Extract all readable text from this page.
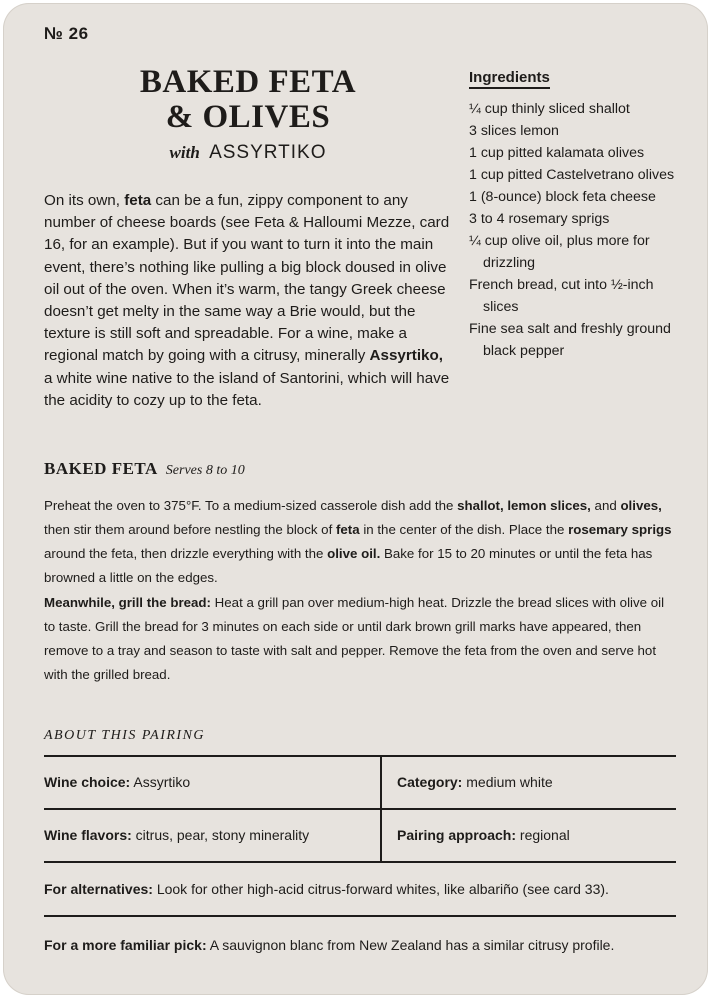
№ 26
BAKED FETA
& OLIVES
with ASSYRTIKO
On its own, feta can be a fun, zippy component to any number of cheese boards (see Feta & Halloumi Mezze, card 16, for an example). But if you want to turn it into the main event, there’s nothing like pulling a big block doused in olive oil out of the oven. When it’s warm, the tangy Greek cheese doesn’t get melty in the same way a Brie would, but the texture is still soft and spreadable. For a wine, make a regional match by going with a citrusy, minerally Assyrtiko, a white wine native to the island of Santorini, which will have the acidity to cozy up to the feta.
Ingredients
¼ cup thinly sliced shallot
3 slices lemon
1 cup pitted kalamata olives
1 cup pitted Castelvetrano olives
1 (8-ounce) block feta cheese
3 to 4 rosemary sprigs
¼ cup olive oil, plus more for drizzling
French bread, cut into ½-inch slices
Fine sea salt and freshly ground black pepper
BAKED FETA Serves 8 to 10
Preheat the oven to 375°F. To a medium-sized casserole dish add the shallot, lemon slices, and olives, then stir them around before nestling the block of feta in the center of the dish. Place the rosemary sprigs around the feta, then drizzle everything with the olive oil. Bake for 15 to 20 minutes or until the feta has browned a little on the edges.
Meanwhile, grill the bread: Heat a grill pan over medium-high heat. Drizzle the bread slices with olive oil to taste. Grill the bread for 3 minutes on each side or until dark brown grill marks have appeared, then remove to a tray and season to taste with salt and pepper. Remove the feta from the oven and serve hot with the grilled bread.
ABOUT THIS PAIRING
Wine choice: Assyrtiko	Category: medium white
Wine flavors: citrus, pear, stony minerality	Pairing approach: regional
For alternatives: Look for other high-acid citrus-forward whites, like albariño (see card 33).
For a more familiar pick: A sauvignon blanc from New Zealand has a similar citrusy profile.
